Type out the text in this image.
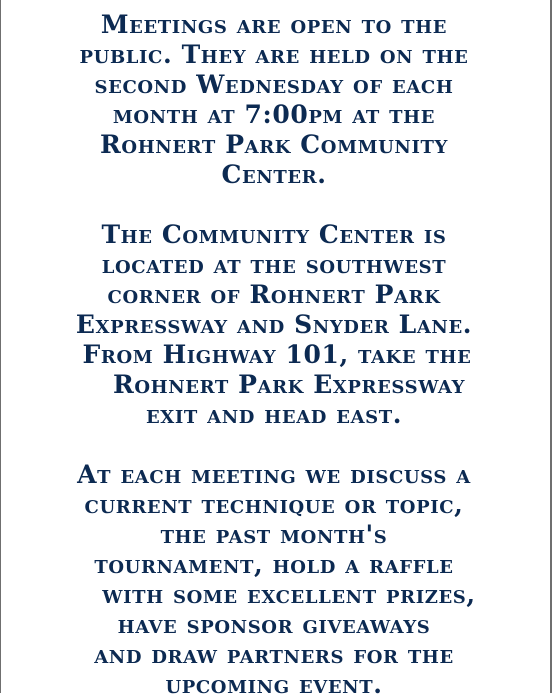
Meetings are open to the
public. They are held on the
second Wednesday of each
month at 7:00pm at the
Rohnert Park Community
Center.

The Community Center is
located at the southwest
corner of Rohnert Park
Expressway and Snyder Lane.
From Highway 101, take the
Rohnert Park Expressway
exit and head east.

At each meeting we discuss a
current technique or topic,
the past month's
tournament, hold a raffle
with some excellent prizes,
have sponsor giveaways
and draw partners for the
upcoming event.
